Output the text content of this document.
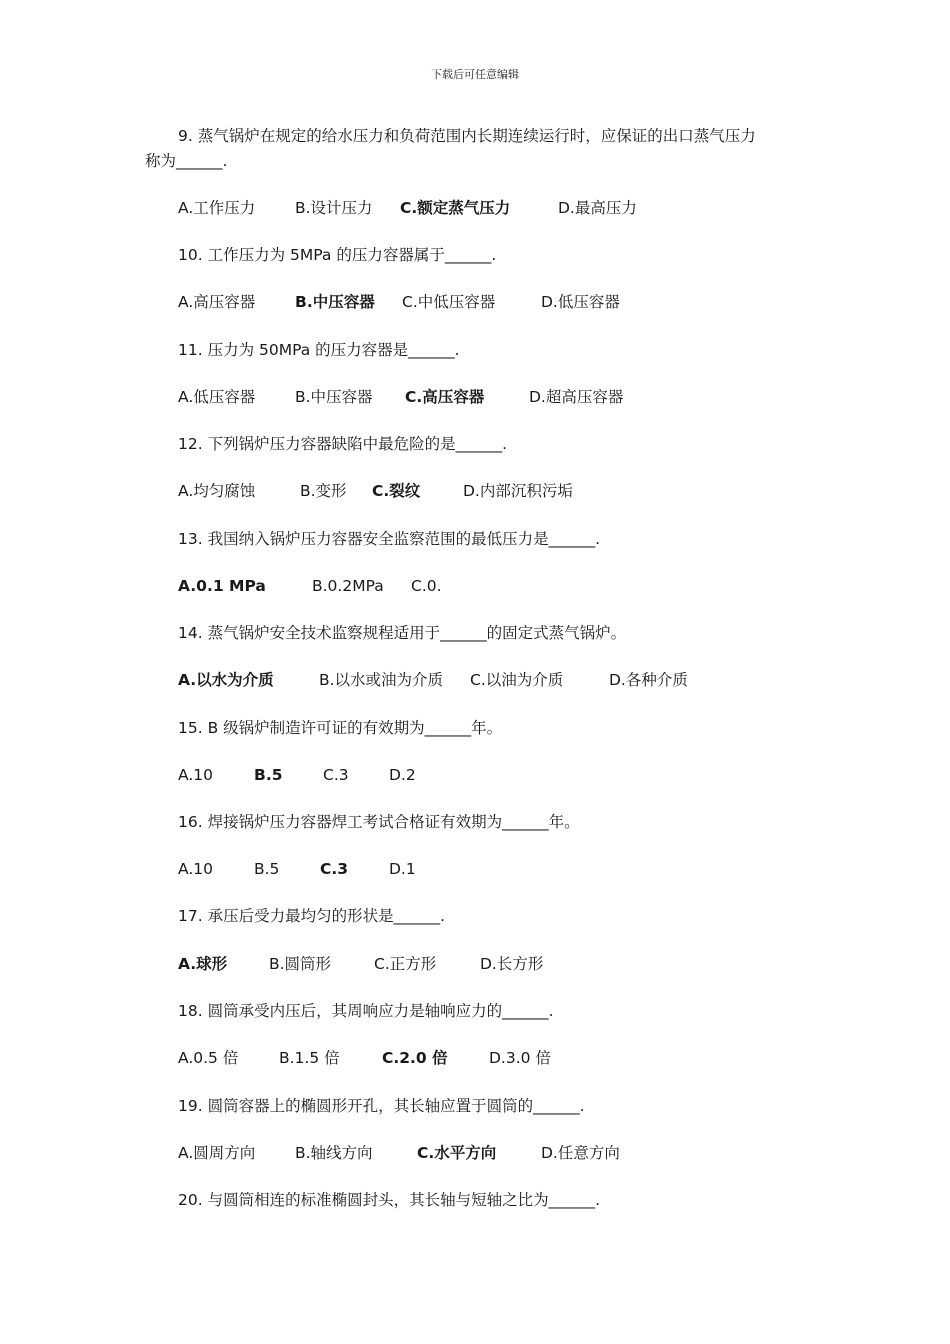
下载后可任意编辑
9. 蒸气锅炉在规定的给水压力和负荷范围内长期连续运行时，应保证的出口蒸气压力
称为______.
A.工作压力	B.设计压力 C.额定蒸气压力	D.最高压力
10. 工作压力为 5MPa 的压力容器属于______.
A.高压容器	B.中压容器 C.中低压容器	D.低压容器
11. 压力为 50MPa 的压力容器是______.
A.低压容器	B.中压容器 C.高压容器	D.超高压容器
12. 下列锅炉压力容器缺陷中最危险的是______.
A.均匀腐蚀	B.变形 C.裂纹	D.内部沉积污垢
13. 我国纳入锅炉压力容器安全监察范围的最低压力是______.
A.0.1 MPa	B.0.2MPa C.0.
14. 蒸气锅炉安全技术监察规程适用于______的固定式蒸气锅炉。
A.以水为介质	B.以水或油为介质 C.以油为介质	D.各种介质
15. B 级锅炉制造许可证的有效期为______年。
A.10	B.5	C.3	D.2
16. 焊接锅炉压力容器焊工考试合格证有效期为______年。
A.10	B.5	C.3	D.1
17. 承压后受力最均匀的形状是______.
A.球形	B.圆筒形	C.正方形	D.长方形
18. 圆筒承受内压后，其周响应力是轴响应力的______.
A.0.5 倍	B.1.5 倍	C.2.0 倍	D.3.0 倍
19. 圆筒容器上的椭圆形开孔，其长轴应置于圆筒的______.
A.圆周方向	B.轴线方向	C.水平方向	D.任意方向
20. 与圆筒相连的标准椭圆封头，其长轴与短轴之比为______.
